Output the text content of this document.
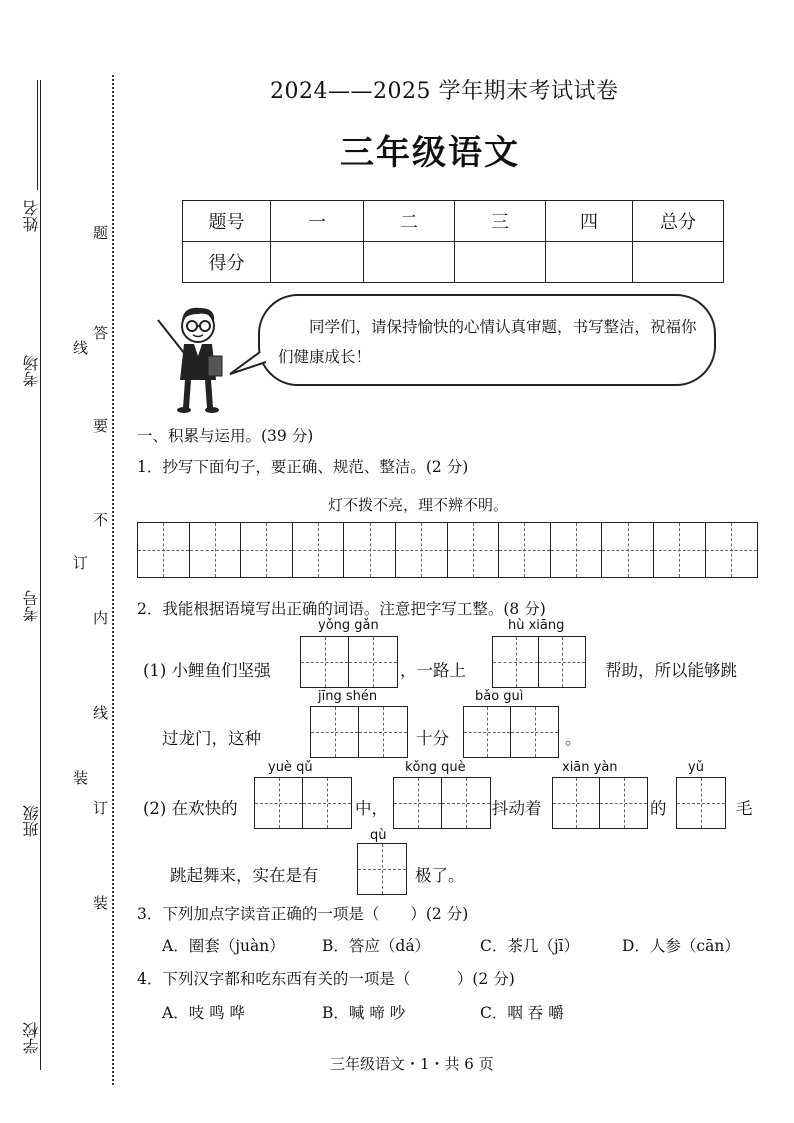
姓名
考场
考号
班级
学校
题
答
线
要
不
订
内
线
装
订
装
2024——2025 学年期末考试试卷
三年级语文
题号	一	二	三	四	总分
得分					
同学们，请保持愉快的心情认真审题，书写整洁，祝福你们健康成长！
一、积累与运用。(39 分)
1．抄写下面句子，要正确、规范、整洁。(2 分)
灯不拨不亮，理不辨不明。
2．我能根据语境写出正确的词语。注意把字写工整。(8 分)
yǒng gǎn	hù xiāng
(1) 小鲤鱼们坚强	，一路上	帮助，所以能够跳
jīng shén	bǎo guì
过龙门，这种	十分	。
yuè qǔ	kǒng què	xiān yàn	yǔ
(2) 在欢快的	中，	抖动着	的	毛
qù
跳起舞来，实在是有	极了。
3．下列加点字读音正确的一项是（　　）(2 分)
A．圈套（juàn） B．答应（dá）	C．茶几（jī）	D．人参（cān）
4．下列汉字都和吃东西有关的一项是（　　　）(2 分)
A．吱 鸣 哗	B．喊 啼 吵	C．咽 吞 嚼
三年级语文・1・共 6 页
